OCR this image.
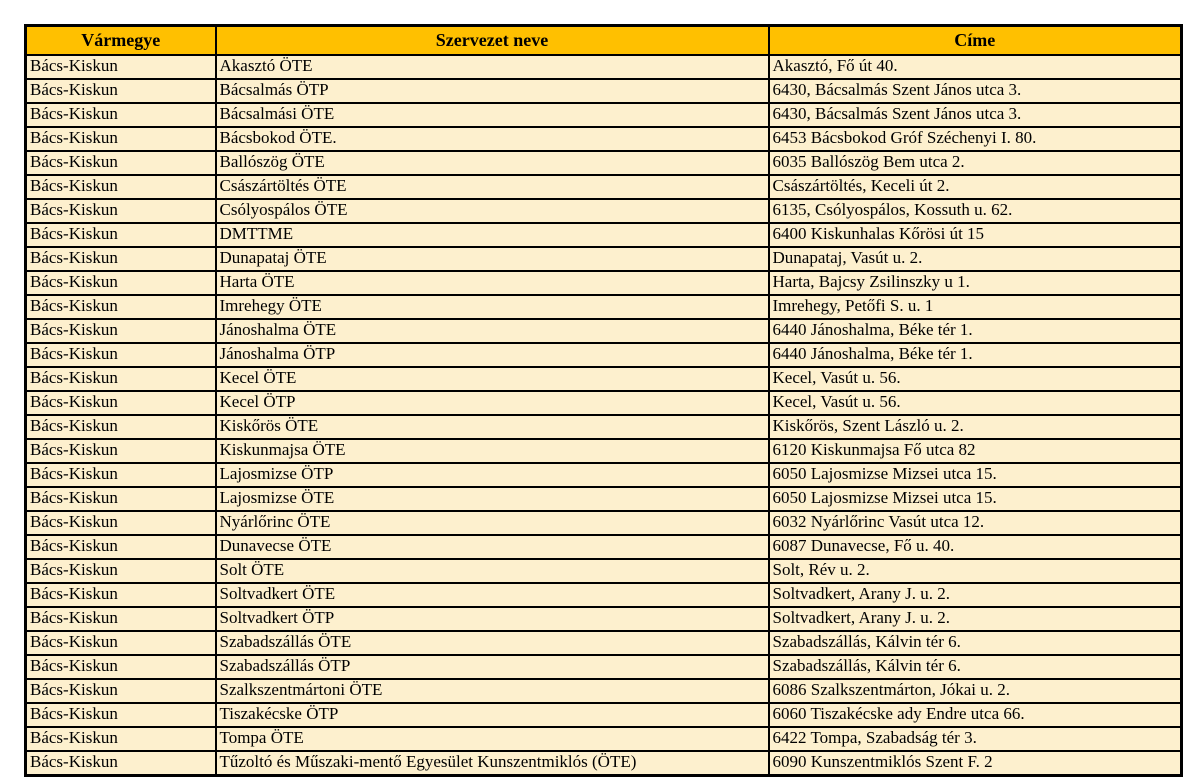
Vármegye	Szervezet neve	Címe
Bács-Kiskun	Akasztó ÖTE	Akasztó, Fő út 40.
Bács-Kiskun	Bácsalmás ÖTP	6430, Bácsalmás Szent János utca 3.
Bács-Kiskun	Bácsalmási ÖTE	6430, Bácsalmás Szent János utca 3.
Bács-Kiskun	Bácsbokod ÖTE.	6453 Bácsbokod Gróf Széchenyi I. 80.
Bács-Kiskun	Ballószög ÖTE	6035 Ballószög Bem utca 2.
Bács-Kiskun	Császártöltés ÖTE	Császártöltés, Keceli út 2.
Bács-Kiskun	Csólyospálos ÖTE	6135, Csólyospálos, Kossuth u. 62.
Bács-Kiskun	DMTTME	6400 Kiskunhalas Kőrösi út 15
Bács-Kiskun	Dunapataj ÖTE	Dunapataj, Vasút u. 2.
Bács-Kiskun	Harta ÖTE	Harta, Bajcsy Zsilinszky u 1.
Bács-Kiskun	Imrehegy ÖTE	Imrehegy, Petőfi S. u. 1
Bács-Kiskun	Jánoshalma ÖTE	6440 Jánoshalma, Béke tér 1.
Bács-Kiskun	Jánoshalma ÖTP	6440 Jánoshalma, Béke tér 1.
Bács-Kiskun	Kecel ÖTE	Kecel, Vasút u. 56.
Bács-Kiskun	Kecel ÖTP	Kecel, Vasút u. 56.
Bács-Kiskun	Kiskőrös ÖTE	Kiskőrös, Szent László u. 2.
Bács-Kiskun	Kiskunmajsa ÖTE	6120 Kiskunmajsa Fő utca 82
Bács-Kiskun	Lajosmizse ÖTP	6050 Lajosmizse Mizsei utca 15.
Bács-Kiskun	Lajosmizse ÖTE	6050 Lajosmizse Mizsei utca 15.
Bács-Kiskun	Nyárlőrinc ÖTE	6032 Nyárlőrinc Vasút utca 12.
Bács-Kiskun	Dunavecse ÖTE	6087 Dunavecse, Fő u. 40.
Bács-Kiskun	Solt ÖTE	Solt, Rév u. 2.
Bács-Kiskun	Soltvadkert ÖTE	Soltvadkert, Arany J. u. 2.
Bács-Kiskun	Soltvadkert ÖTP	Soltvadkert, Arany J. u. 2.
Bács-Kiskun	Szabadszállás ÖTE	Szabadszállás, Kálvin tér 6.
Bács-Kiskun	Szabadszállás ÖTP	Szabadszállás, Kálvin tér 6.
Bács-Kiskun	Szalkszentmártoni ÖTE	6086 Szalkszentmárton, Jókai u. 2.
Bács-Kiskun	Tiszakécske ÖTP	6060 Tiszakécske ady Endre utca 66.
Bács-Kiskun	Tompa ÖTE	6422 Tompa, Szabadság tér 3.
Bács-Kiskun	Tűzoltó és Műszaki-mentő Egyesület Kunszentmiklós (ÖTE)	6090 Kunszentmiklós Szent F. 2
